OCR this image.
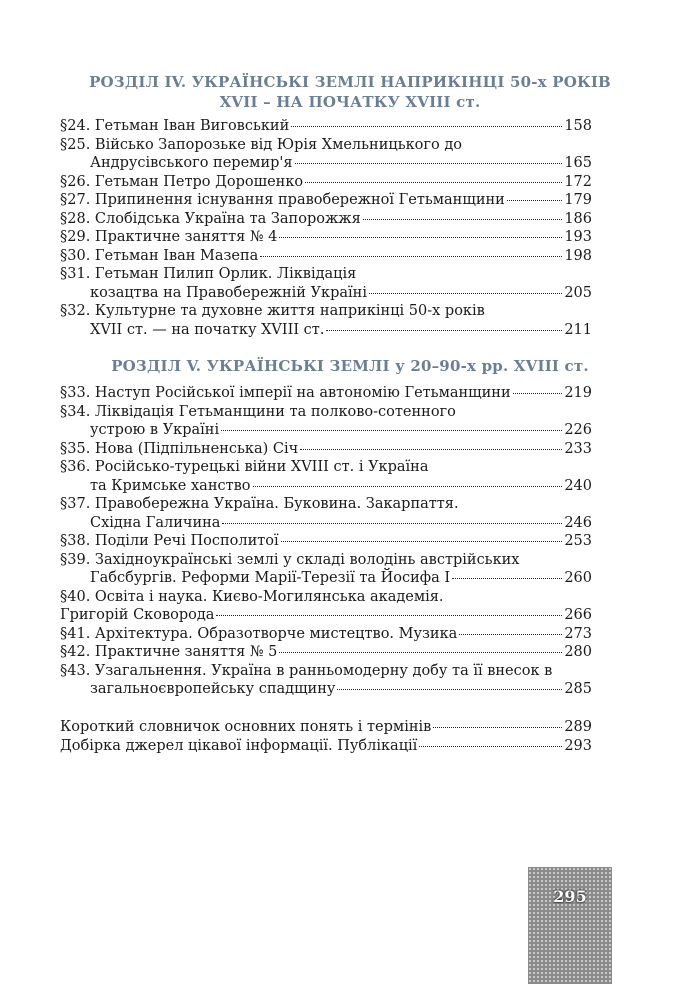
РОЗДІЛ IV. УКРАЇНСЬКІ ЗЕМЛІ НАПРИКІНЦІ 50-х РОКІВ
XVII – НА ПОЧАТКУ XVIII ст.
§24. Гетьман Іван Виговський	158
§25. Військо Запорозьке від Юрія Хмельницького до
Андрусівського перемир'я	165
§26. Гетьман Петро Дорошенко	172
§27. Припинення існування правобережної Гетьманщини	179
§28. Слобідська Україна та Запорожжя	186
§29. Практичне заняття № 4	193
§30. Гетьман Іван Мазепа	198
§31. Гетьман Пилип Орлик. Ліквідація
козацтва на Правобережній Україні	205
§32. Культурне та духовне життя наприкінці 50-х років
XVII ст. — на початку XVIII ст.	211
РОЗДІЛ V. УКРАЇНСЬКІ ЗЕМЛІ у 20–90-х рр. XVIII ст.
§33. Наступ Російської імперії на автономію Гетьманщини	219
§34. Ліквідація Гетьманщини та полково-сотенного
устрою в Україні	226
§35. Нова (Підпільненська) Січ	233
§36. Російсько-турецькі війни XVIII ст. і Україна
та Кримське ханство	240
§37. Правобережна Україна. Буковина. Закарпаття.
Східна Галичина	246
§38. Поділи Речі Посполитої	253
§39. Західноукраїнські землі у складі володінь австрійських
Габсбургів. Реформи Марії-Терезії та Йосифа І	260
§40. Освіта і наука. Києво-Могилянська академія.
Григорій Сковорода	266
§41. Архітектура. Образотворче мистецтво. Музика	273
§42. Практичне заняття № 5	280
§43. Узагальнення. Україна в ранньомодерну добу та її внесок в
загальноєвропейську спадщину	285
Короткий словничок основних понять і термінів	289
Добірка джерел цікавої інформації. Публікації	293
295
